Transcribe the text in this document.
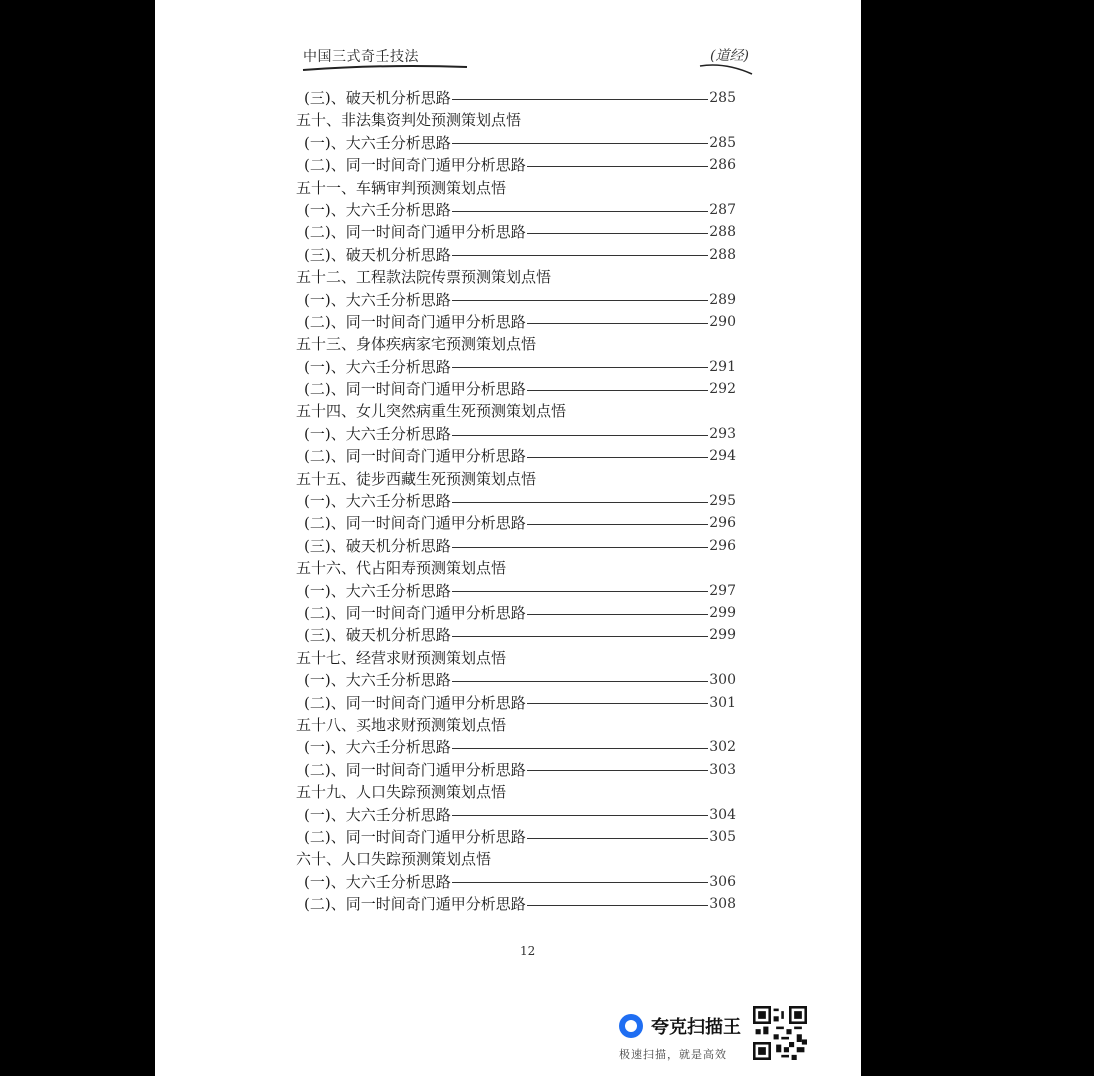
中国三式奇壬技法	(道经)
(三)、破天机分析思路	285
五十、非法集资判处预测策划点悟
(一)、大六壬分析思路	285
(二)、同一时间奇门遁甲分析思路	286
五十一、车辆审判预测策划点悟
(一)、大六壬分析思路	287
(二)、同一时间奇门遁甲分析思路	288
(三)、破天机分析思路	288
五十二、工程款法院传票预测策划点悟
(一)、大六壬分析思路	289
(二)、同一时间奇门遁甲分析思路	290
五十三、身体疾病家宅预测策划点悟
(一)、大六壬分析思路	291
(二)、同一时间奇门遁甲分析思路	292
五十四、女儿突然病重生死预测策划点悟
(一)、大六壬分析思路	293
(二)、同一时间奇门遁甲分析思路	294
五十五、徒步西藏生死预测策划点悟
(一)、大六壬分析思路	295
(二)、同一时间奇门遁甲分析思路	296
(三)、破天机分析思路	296
五十六、代占阳寿预测策划点悟
(一)、大六壬分析思路	297
(二)、同一时间奇门遁甲分析思路	299
(三)、破天机分析思路	299
五十七、经营求财预测策划点悟
(一)、大六壬分析思路	300
(二)、同一时间奇门遁甲分析思路	301
五十八、买地求财预测策划点悟
(一)、大六壬分析思路	302
(二)、同一时间奇门遁甲分析思路	303
五十九、人口失踪预测策划点悟
(一)、大六壬分析思路	304
(二)、同一时间奇门遁甲分析思路	305
六十、人口失踪预测策划点悟
(一)、大六壬分析思路	306
(二)、同一时间奇门遁甲分析思路	308
12
夸克扫描王
极速扫描，就是高效
